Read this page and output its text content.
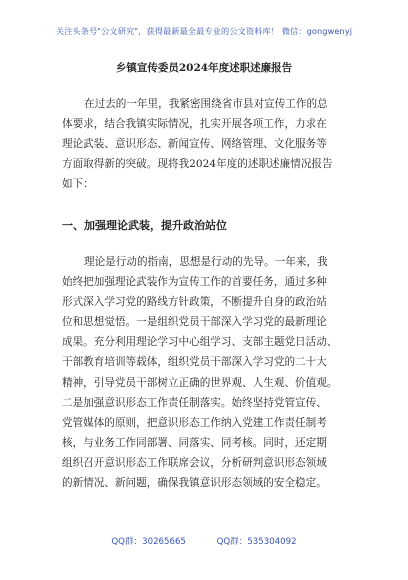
关注头条号"公文研究"，获得最新最全最专业的公文资料库！ 微信：gongwenyj
乡镇宣传委员2024年度述职述廉报告
在过去的一年里，我紧密围绕省市县对宣传工作的总
体要求，结合我镇实际情况，扎实开展各项工作，力求在
理论武装、意识形态、新闻宣传、网络管理、文化服务等
方面取得新的突破。现将我2024年度的述职述廉情况报告
如下：
一、加强理论武装，提升政治站位
理论是行动的指南，思想是行动的先导。一年来，我
始终把加强理论武装作为宣传工作的首要任务，通过多种
形式深入学习党的路线方针政策，不断提升自身的政治站
位和思想觉悟。一是组织党员干部深入学习党的最新理论
成果。充分利用理论学习中心组学习、支部主题党日活动、
干部教育培训等载体，组织党员干部深入学习党的二十大
精神，引导党员干部树立正确的世界观、人生观、价值观。
二是加强意识形态工作责任制落实。始终坚持党管宣传、
党管媒体的原则，把意识形态工作纳入党建工作责任制考
核，与业务工作同部署、同落实、同考核。同时，还定期
组织召开意识形态工作联席会议，分析研判意识形态领域
的新情况、新问题，确保我镇意识形态领域的安全稳定。
QQ群：30265665	QQ群：535304092
